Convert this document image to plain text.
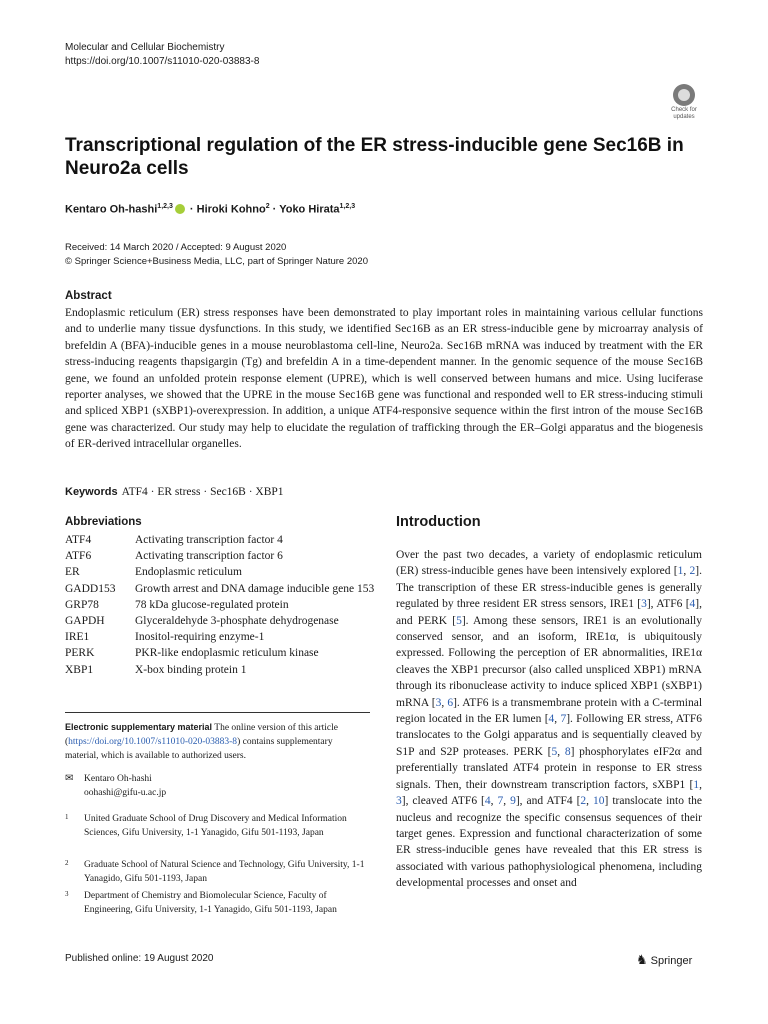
Molecular and Cellular Biochemistry
https://doi.org/10.1007/s11010-020-03883-8
Check for
updates
Transcriptional regulation of the ER stress-inducible gene Sec16B in Neuro2a cells
Kentaro Oh-hashi$^{1,2,3}$ · Hiroki Kohno$^2$ · Yoko Hirata$^{1,2,3}$
Received: 14 March 2020 / Accepted: 9 August 2020
© Springer Science+Business Media, LLC, part of Springer Nature 2020
Abstract

Endoplasmic reticulum (ER) stress responses have been demonstrated to play important roles in maintaining various cellular functions and to underlie many tissue dysfunctions. In this study, we identified Sec16B as an ER stress-inducible gene by microarray analysis of brefeldin A (BFA)-inducible genes in a mouse neuroblastoma cell-line, Neuro2a. Sec16B mRNA was induced by treatment with the ER stress-inducing reagents thapsigargin (Tg) and brefeldin A in a time-dependent manner. In the genomic sequence of the mouse Sec16B gene, we found an unfolded protein response element (UPRE), which is well conserved between humans and mice. Using luciferase reporter analyses, we showed that the UPRE in the mouse Sec16B gene was functional and responded well to ER stress-inducing stimuli and spliced XBP1 (sXBP1)-overexpression. In addition, a unique ATF4-responsive sequence within the first intron of the mouse Sec16B gene was characterized. Our study may help to elucidate the regulation of trafficking through the ER–Golgi apparatus and the biogenesis of ER-derived intracellular organelles.

Keywords ATF4 · ER stress · Sec16B · XBP1
Abbreviations
ATF4	Activating transcription factor 4
ATF6	Activating transcription factor 6
ER	Endoplasmic reticulum
GADD153	Growth arrest and DNA damage inducible gene 153
GRP78	78 kDa glucose-regulated protein
GAPDH	Glyceraldehyde 3-phosphate dehydrogenase
IRE1	Inositol-requiring enzyme-1
PERK	PKR-like endoplasmic reticulum kinase
XBP1	X-box binding protein 1
Electronic supplementary material The online version of this article (https://doi.org/10.1007/s11010-020-03883-8) contains supplementary material, which is available to authorized users.
✉ Kentaro Oh-hashi
oohashi@gifu-u.ac.jp
1 United Graduate School of Drug Discovery and Medical Information Sciences, Gifu University, 1-1 Yanagido, Gifu 501-1193, Japan
2 Graduate School of Natural Science and Technology, Gifu University, 1-1 Yanagido, Gifu 501-1193, Japan
3 Department of Chemistry and Biomolecular Science, Faculty of Engineering, Gifu University, 1-1 Yanagido, Gifu 501-1193, Japan
Published online: 19 August 2020	♞ Springer
Introduction

Over the past two decades, a variety of endoplasmic reticulum (ER) stress-inducible genes have been intensively explored [1, 2]. The transcription of these ER stress-inducible genes is generally regulated by three resident ER stress sensors, IRE1 [3], ATF6 [4], and PERK [5]. Among these sensors, IRE1 is an evolutionally conserved sensor, and an isoform, IRE1α, is ubiquitously expressed. Following the perception of ER abnormalities, IRE1α cleaves the XBP1 precursor (also called unspliced XBP1) mRNA through its ribonuclease activity to induce spliced XBP1 (sXBP1) mRNA [3, 6]. ATF6 is a transmembrane protein with a C-terminal region located in the ER lumen [4, 7]. Following ER stress, ATF6 translocates to the Golgi apparatus and is sequentially cleaved by S1P and S2P proteases. PERK [5, 8] phosphorylates eIF2α and preferentially translated ATF4 protein in response to ER stress signals. Then, their downstream transcription factors, sXBP1 [1, 3], cleaved ATF6 [4, 7, 9], and ATF4 [2, 10] translocate into the nucleus and recognize the specific consensus sequences of their target genes. Expression and functional characterization of some ER stress-inducible genes have revealed that this ER stress is associated with various pathophysiological phenomena, including developmental processes and onset and
